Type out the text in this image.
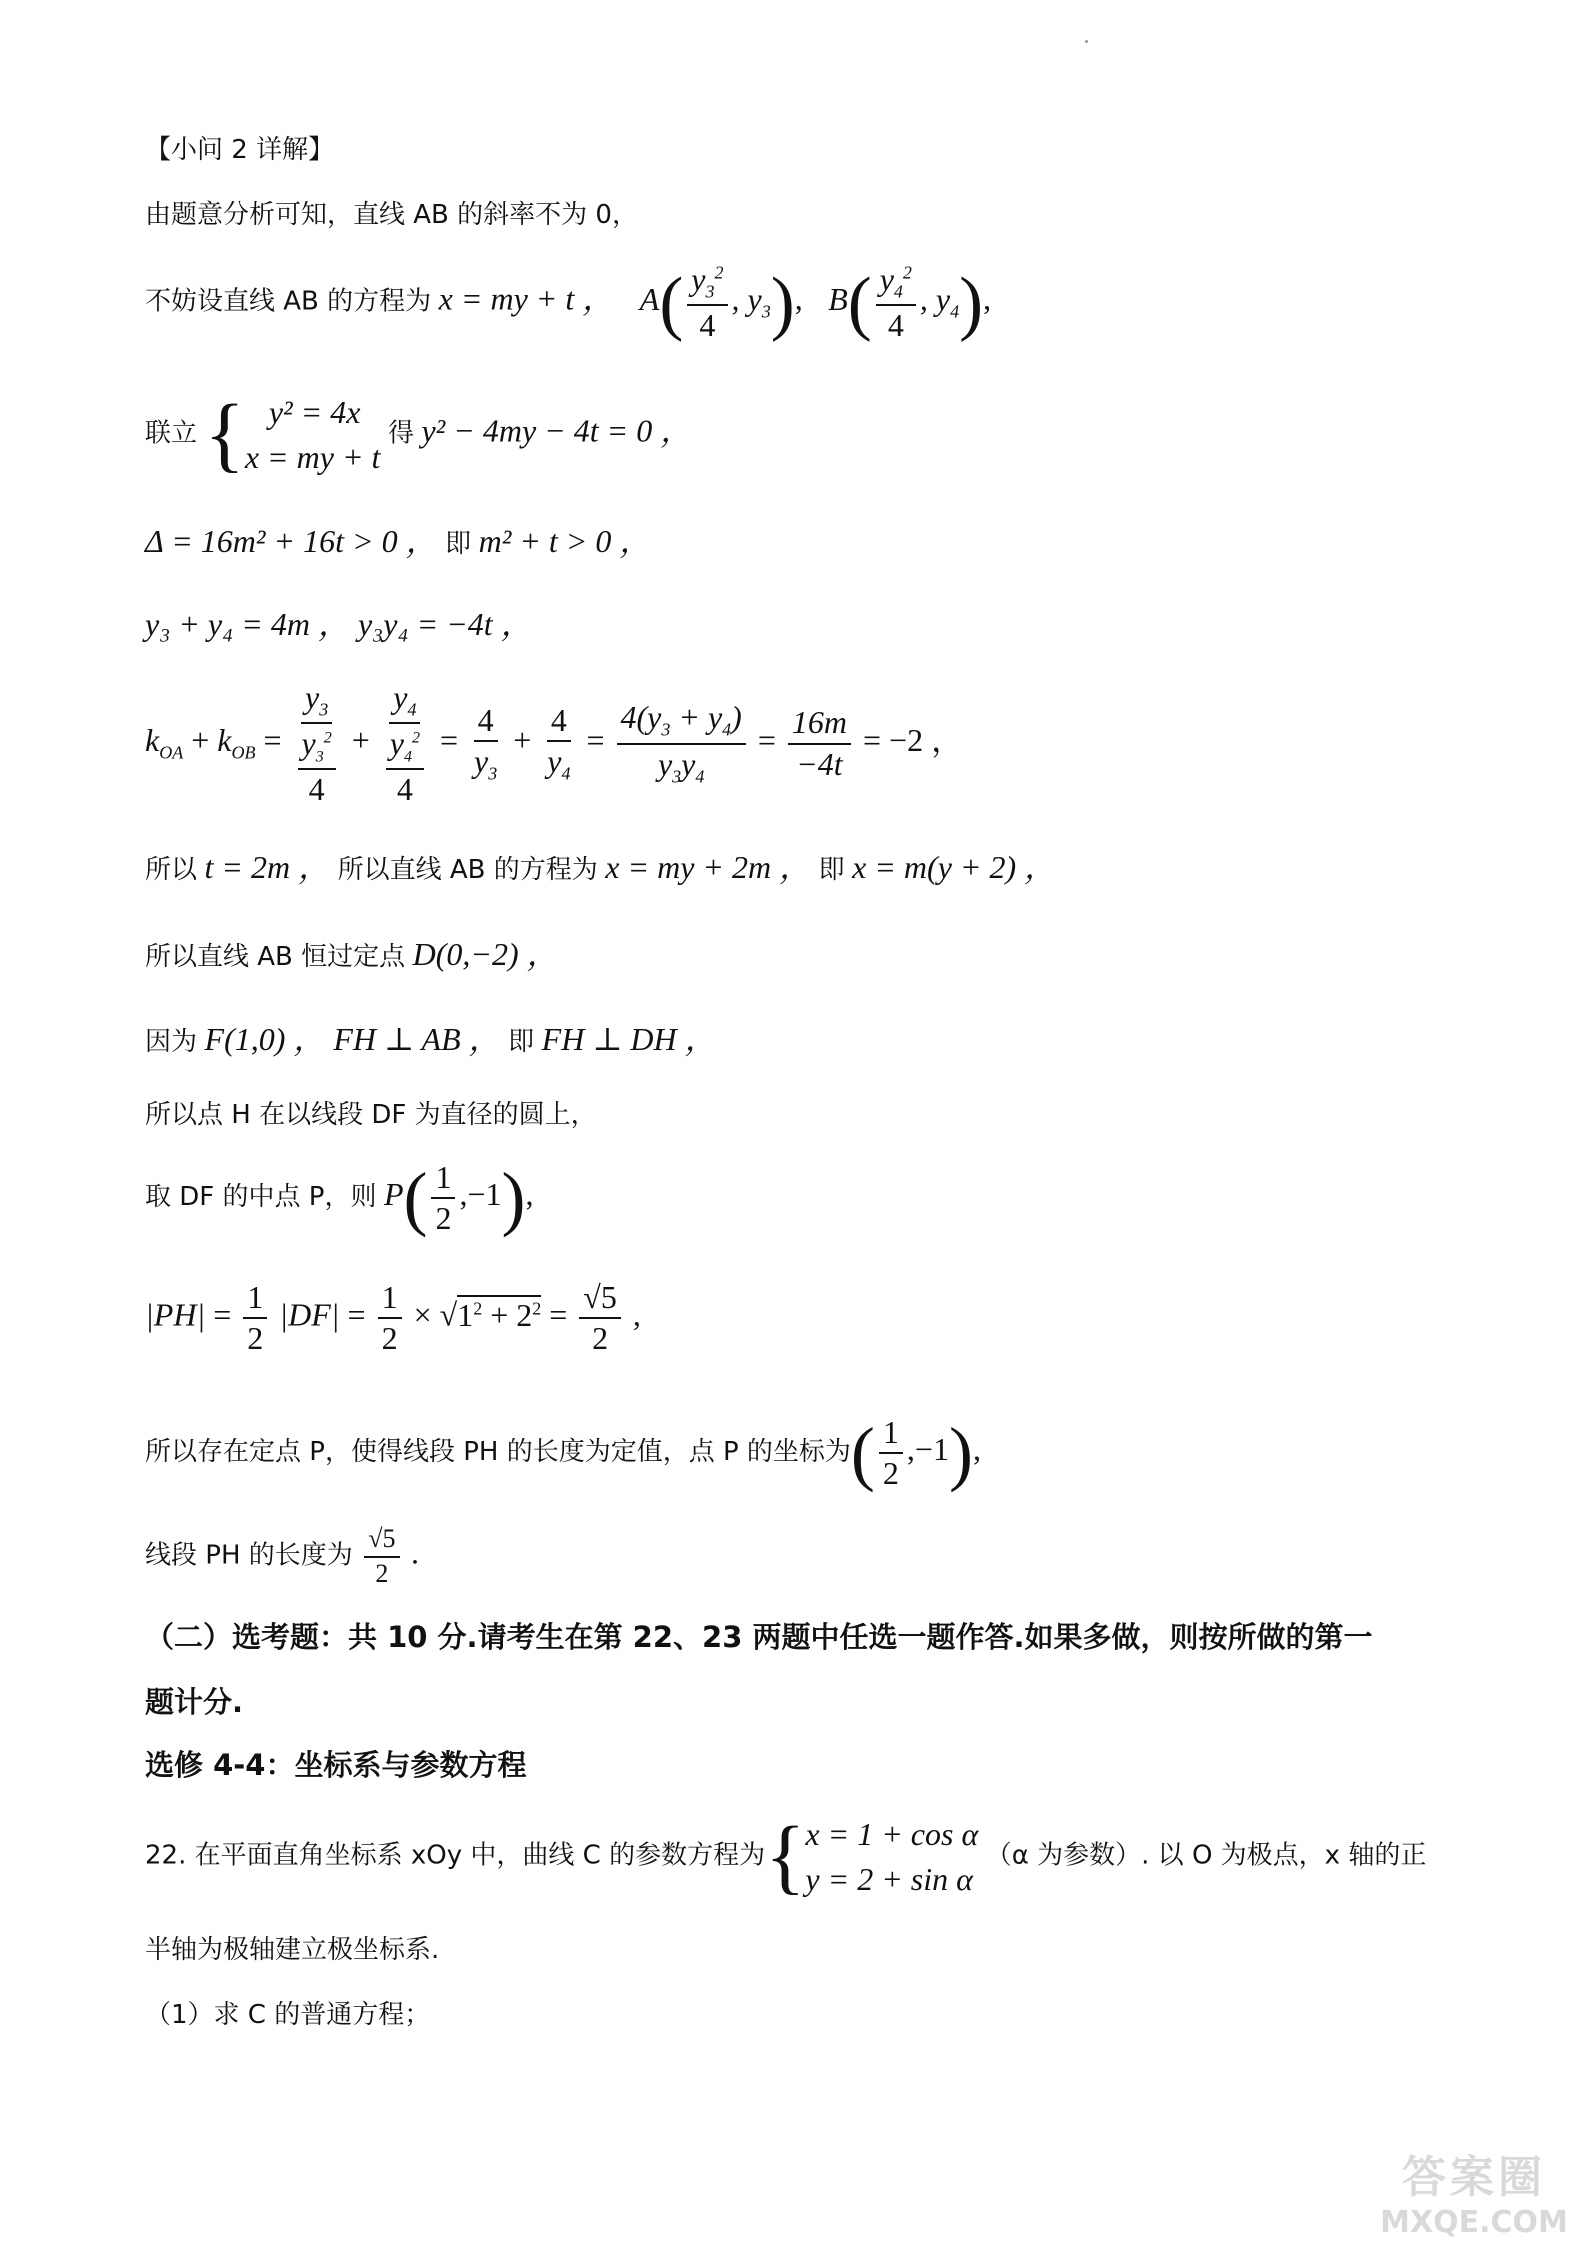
【小问 2 详解】
由题意分析可知，直线 AB 的斜率不为 0，
不妨设直线 AB 的方程为 x = my + t ， $A( \frac{y_3^2}{4}$ , $y_3$), $B( \frac{y_4^2}{4}$ , $y_4$),
联立 { y² = 4x
x = my + t
得 y² − 4my − 4t = 0 ，
Δ = 16m² + 16t > 0 ， 即 m² + t > 0 ，
y₃ + y₄ = 4m ， y₃y₄ = −4t ，
$k_{OA} + k_{OB} = \frac{y_3}{\frac{y_3^2}{4}} + \frac{y_4}{\frac{y_4^2}{4}} = \frac{4}{y_3} + \frac{4}{y_4} = \frac{4(y_3 + y_4)}{y_3y_4} = \frac{16m}{-4t} = -2$ ，
所以 t = 2m ， 所以直线 AB 的方程为 x = my + 2m ， 即 x = m(y + 2) ，
所以直线 AB 恒过定点 D(0,−2) ，
因为 F(1,0) ， FH ⊥ AB ， 即 FH ⊥ DH ，
所以点 H 在以线段 DF 为直径的圆上，
取 DF 的中点 P，则 $P( \frac{1}{2} ,-1)$,
$|PH| = \frac{1}{2} |DF| = \frac{1}{2} \times √1^2 + 2^2 = \frac{√5}{2}$ ,
所以存在定点 P，使得线段 PH 的长度为定值，点 P 的坐标为( $\frac{1}{2} ,-1$),
线段 PH 的长度为 $\frac{√5}{2}$ .
（二）选考题：共 10 分.请考生在第 22、23 两题中任选一题作答.如果多做，则按所做的第一
题计分.
选修 4-4：坐标系与参数方程
22. 在平面直角坐标系 xOy 中，曲线 C 的参数方程为{ x = 1 + cos α
y = 2 + sin α
（α 为参数）. 以 O 为极点，x 轴的正
半轴为极轴建立极坐标系.
（1）求 C 的普通方程；
答案圈
MXQE.COM
